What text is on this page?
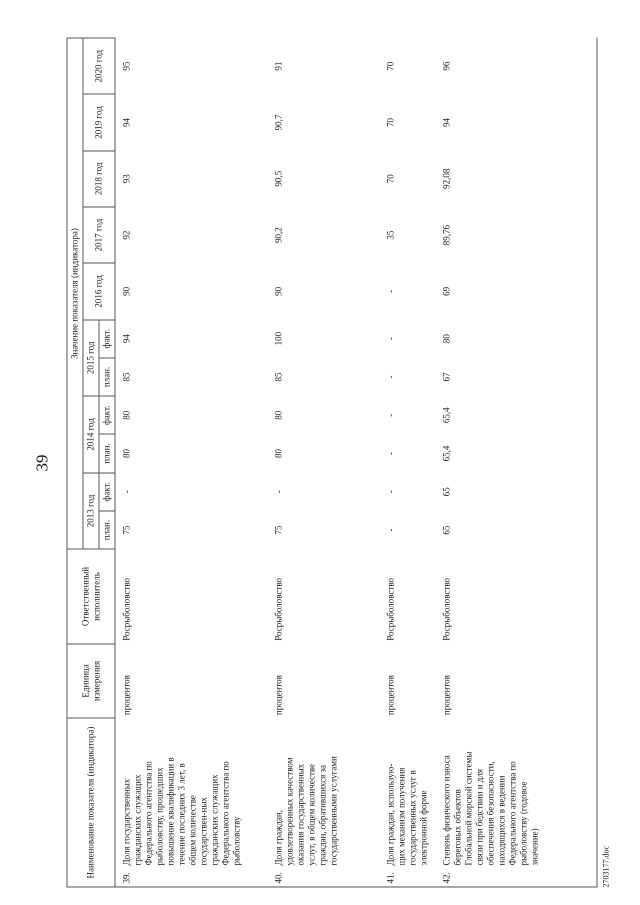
39
Наименование показателя (индикатора)	Единица измерения	Ответственный исполнитель	Значение показателя (индикатора)										
			2013 год		2014 год		2015 год		2016 год	2017 год	2018 год	2019 год	2020 год
			план.	факт.	план.	факт.	план.	факт.					
39.Доля государственных гражданских служащих Федерального агентства по рыболовству, прошедших повышение квалификации в течение последних 3 лет, в общем количестве государствен-ных гражданских служащих Федерального агентства по рыболовству	процентов	Росрыболовство	75	-	80	80	85	94	90	92	93	94	95
40.Доля граждан, удовлетворенных качеством оказания государственных услуг, в общем количестве граждан, обратившихся за государственными услугами	процентов	Росрыболовство	75	-	80	80	85	100	90	90,2	90,5	90,7	91
41.Доля граждан, использую-щих механизм получения государственных услуг в электронной форме	процентов	Росрыболовство	-	-	-	-	-	-	-	35	70	70	70
42.Степень физического износа береговых объектов Глобальной морской системы связи при бедствии и для обеспечения безопасности, находящихся в ведении Федерального агентства по рыболовству (годовое значение)	процентов	Росрыболовство	65	65	65,4	65,4	67	80	69	89,76	92,08	94	96
2703177.doc
